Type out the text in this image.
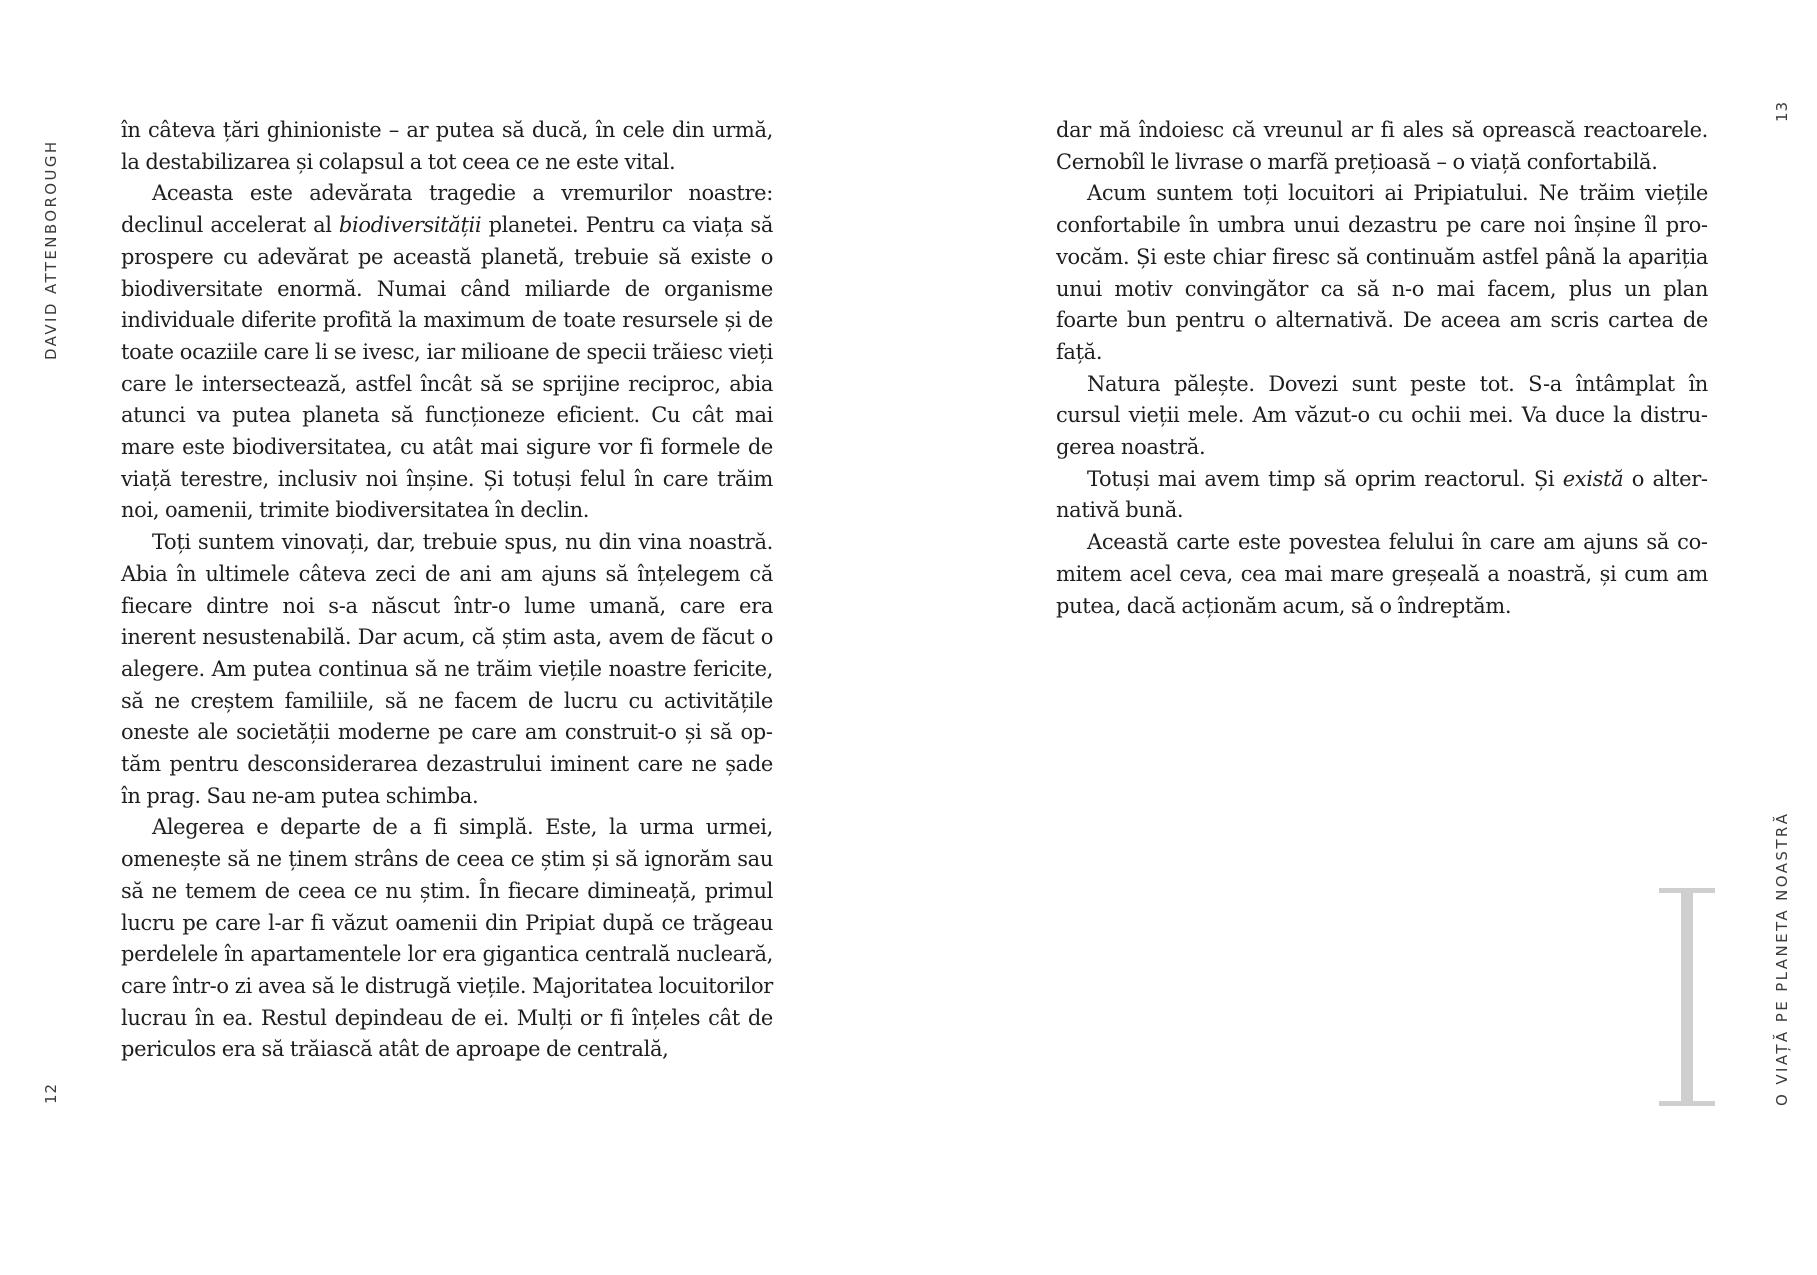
DAVID ATTENBOROUGH
12

în câteva țări ghinioniste – ar putea să ducă, în cele din urmă, la destabilizarea și colapsul a tot ceea ce ne este vital.

Aceasta este adevărata tragedie a vremurilor noastre: declinul accelerat al biodiversității planetei. Pentru ca viața să prospere cu adevărat pe această planetă, trebuie să existe o biodiversitate enormă. Numai când miliarde de organisme individuale diferite profită la maximum de toate resursele și de toate ocaziile care li se ivesc, iar milioane de specii trăiesc vieți care le intersectează, astfel încât să se sprijine reciproc, abia atunci va putea planeta să funcționeze eficient. Cu cât mai mare este biodiversitatea, cu atât mai sigure vor fi formele de viață terestre, inclusiv noi înșine. Și totuși felul în care trăim noi, oamenii, trimite biodiversitatea în declin.

Toți suntem vinovați, dar, trebuie spus, nu din vina noastră. Abia în ultimele câteva zeci de ani am ajuns să înțelegem că fiecare dintre noi s-a născut într-o lume umană, care era inerent nesustenabilă. Dar acum, că știm asta, avem de făcut o alegere. Am putea continua să ne trăim viețile noastre fericite, să ne creștem familiile, să ne facem de lucru cu activitățile oneste ale societății moderne pe care am construit-o și să optăm pentru desconsiderarea dezastrului iminent care ne șade în prag. Sau ne-am putea schimba.

Alegerea e departe de a fi simplă. Este, la urma urmei, omenește să ne ținem strâns de ceea ce știm și să ignorăm sau să ne temem de ceea ce nu știm. În fiecare dimineață, primul lucru pe care l-ar fi văzut oamenii din Pripiat după ce trăgeau perdelele în apartamentele lor era gigantica centrală nucleară, care într-o zi avea să le distrugă viețile. Majoritatea locuitorilor lucrau în ea. Restul depindeau de ei. Mulți or fi înțeles cât de periculos era să trăiască atât de aproape de centrală,

dar mă îndoiesc că vreunul ar fi ales să oprească reactoarele. Cernobîl le livrase o marfă prețioasă – o viață confortabilă.

Acum suntem toți locuitori ai Pripiatului. Ne trăim viețile confortabile în umbra unui dezastru pe care noi înșine îl provocăm. Și este chiar firesc să continuăm astfel până la apariția unui motiv convingător ca să n-o mai facem, plus un plan foarte bun pentru o alternativă. De aceea am scris cartea de față.

Natura pălește. Dovezi sunt peste tot. S-a întâmplat în cursul vieții mele. Am văzut-o cu ochii mei. Va duce la distrugerea noastră.

Totuși mai avem timp să oprim reactorul. Și există o alternativă bună.

Această carte este povestea felului în care am ajuns să comitem acel ceva, cea mai mare greșeală a noastră, și cum am putea, dacă acționăm acum, să o îndreptăm.

13
O VIAȚĂ PE PLANETA NOASTRĂ
